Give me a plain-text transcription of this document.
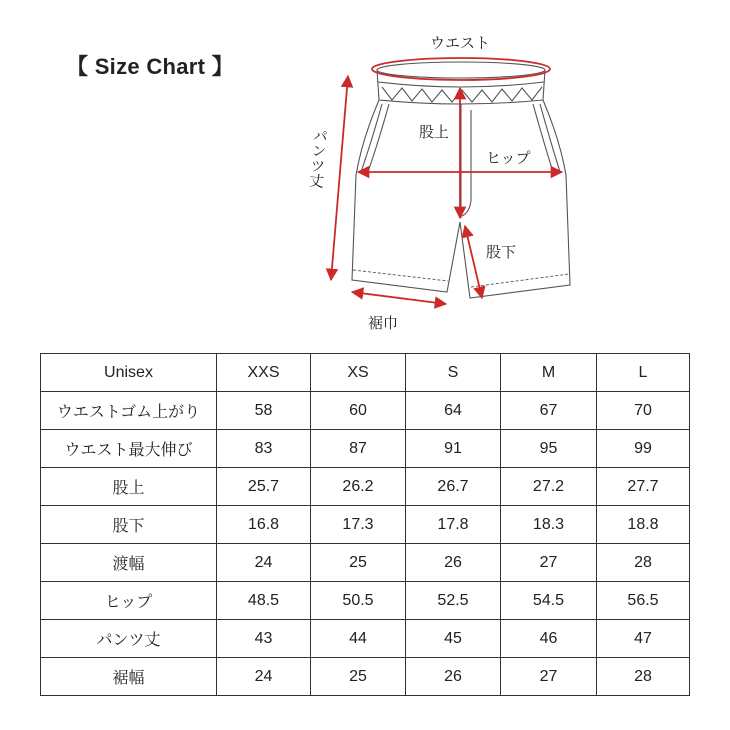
【 Size Chart 】
ウエスト
股上
ヒップ
股下
裾巾
パンツ丈
Unisex	XXS	XS	S	M	L
ウエストゴム上がり	58	60	64	67	70
ウエスト最大伸び	83	87	91	95	99
股上	25.7	26.2	26.7	27.2	27.7
股下	16.8	17.3	17.8	18.3	18.8
渡幅	24	25	26	27	28
ヒップ	48.5	50.5	52.5	54.5	56.5
パンツ丈	43	44	45	46	47
裾幅	24	25	26	27	28
